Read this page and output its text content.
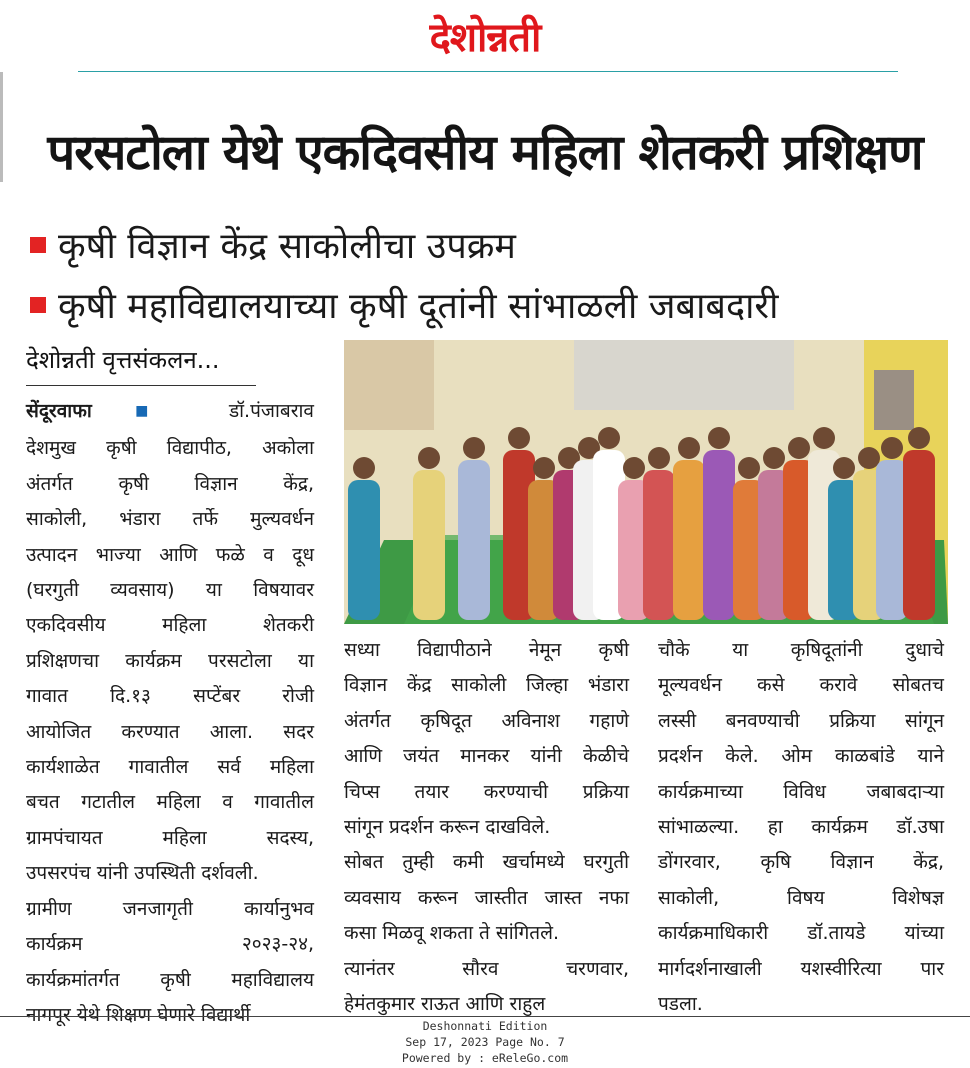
देशोन्नती
परसटोला येथे एकदिवसीय महिला शेतकरी प्रशिक्षण
कृषी विज्ञान केंद्र साकोलीचा उपक्रम
कृषी महाविद्यालयाच्या कृषी दूतांनी सांभाळली जबाबदारी
देशोन्नती वृत्तसंकलन...

सेंदूरवाफा	■ डॉ.पंजाबराव

देशमुख कृषी विद्यापीठ, अकोला

अंतर्गत कृषी विज्ञान केंद्र,

साकोली, भंडारा तर्फे मुल्यवर्धन

उत्पादन भाज्या आणि फळे व दूध

(घरगुती व्यवसाय) या विषयावर

एकदिवसीय महिला शेतकरी

प्रशिक्षणचा कार्यक्रम परसटोला या

गावात दि.१३ सप्टेंबर रोजी

आयोजित करण्यात आला. सदर

कार्यशाळेत गावातील सर्व महिला

बचत गटातील महिला व गावातील

ग्रामपंचायत महिला सदस्य,

उपसरपंच यांनी उपस्थिती दर्शवली.

ग्रामीण जनजागृती कार्यानुभव

कार्यक्रम २०२३-२४,

कार्यक्रमांतर्गत कृषी महाविद्यालय

नागपूर येथे शिक्षण घेणारे विद्यार्थी

सध्या विद्यापीठाने नेमून कृषी

विज्ञान केंद्र साकोली जिल्हा भंडारा

अंतर्गत कृषिदूत अविनाश गहाणे

आणि जयंत मानकर यांनी केळीचे

चिप्स तयार करण्याची प्रक्रिया

सांगून प्रदर्शन करून दाखविले.

सोबत तुम्ही कमी खर्चामध्ये घरगुती

व्यवसाय करून जास्तीत जास्त नफा

कसा मिळवू शकता ते सांगितले.

त्यानंतर सौरव चरणवार,

हेमंतकुमार राऊत आणि राहुल

चौके या कृषिदूतांनी दुधाचे

मूल्यवर्धन कसे करावे सोबतच

लस्सी बनवण्याची प्रक्रिया सांगून

प्रदर्शन केले. ओम काळबांडे याने

कार्यक्रमाच्या विविध जबाबदाऱ्या

सांभाळल्या. हा कार्यक्रम डॉ.उषा

डोंगरवार, कृषि विज्ञान केंद्र,

साकोली, विषय विशेषज्ञ

कार्यक्रमाधिकारी डॉ.तायडे यांच्या

मार्गदर्शनाखाली यशस्वीरित्या पार

पडला.

Deshonnati Edition
Sep 17, 2023 Page No. 7
Powered by : eReleGo.com
